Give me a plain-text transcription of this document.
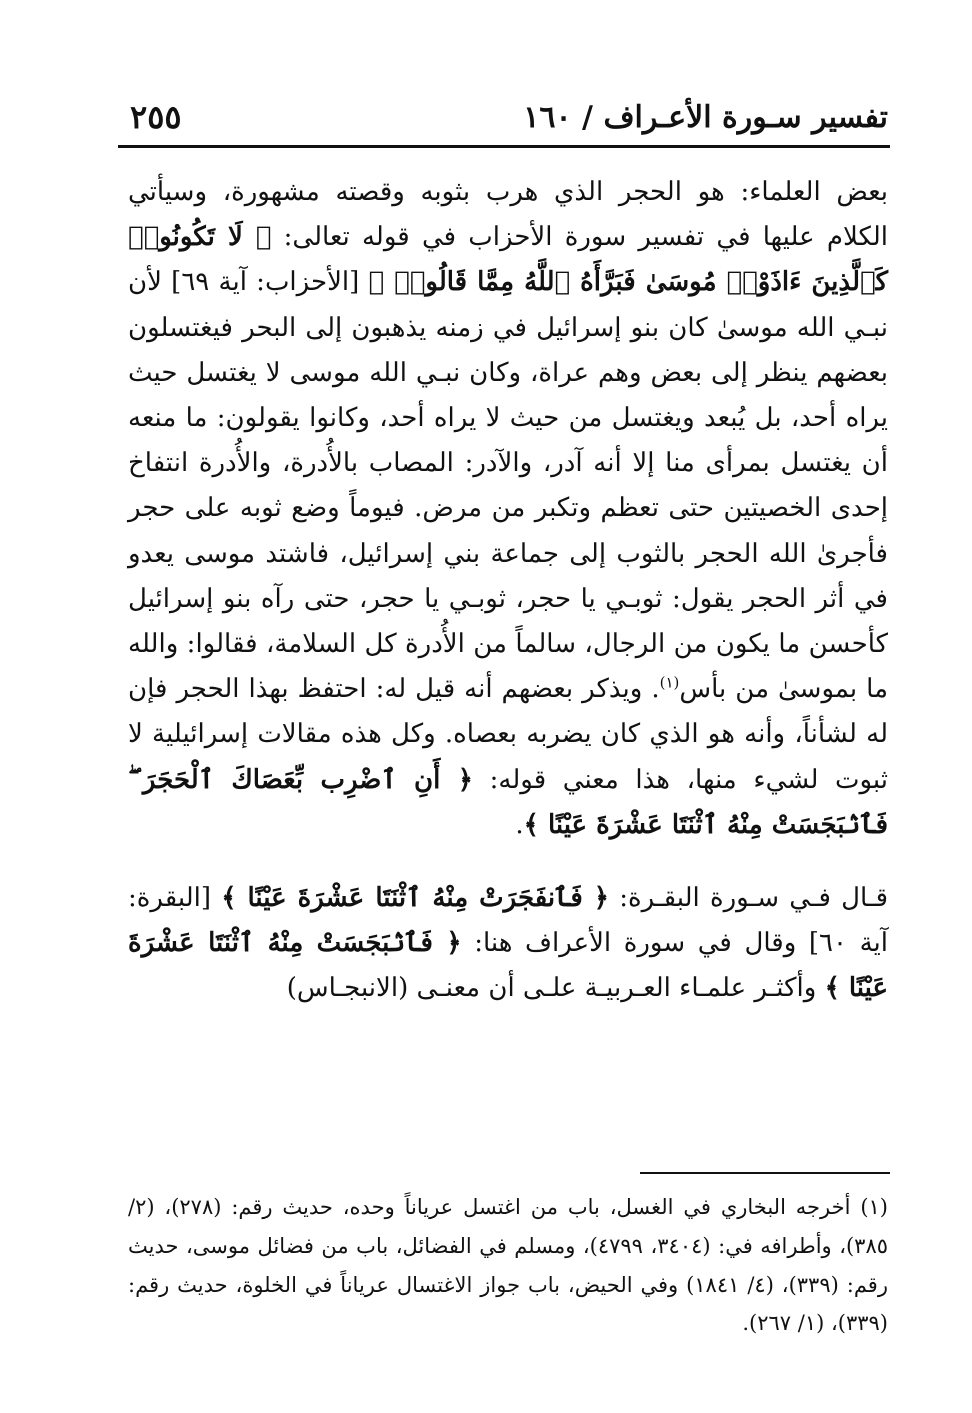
٢٥٥	تفسير سـورة الأعـراف / ١٦٠

بعض العلماء: هو الحجر الذي هرب بثوبه وقصته مشهورة، وسيأتي الكلام عليها في تفسير سورة الأحزاب في قوله تعالى: ﴿ لَا تَكُونُوا۟ كَٱلَّذِينَ ءَاذَوْا۟ مُوسَىٰ فَبَرَّأَهُ ٱللَّهُ مِمَّا قَالُوا۟ ﴾ [الأحزاب: آية ٦٩] لأن نبـي الله موسىٰ كان بنو إسرائيل في زمنه يذهبون إلى البحر فيغتسلون بعضهم ينظر إلى بعض وهم عراة، وكان نبـي الله موسى لا يغتسل حيث يراه أحد، بل يُبعد ويغتسل من حيث لا يراه أحد، وكانوا يقولون: ما منعه أن يغتسل بمرأى منا إلا أنه آدر، والآدر: المصاب بالأُدرة، والأُدرة انتفاخ إحدى الخصيتين حتى تعظم وتكبر من مرض. فيوماً وضع ثوبه على حجر فأجرىٰ الله الحجر بالثوب إلى جماعة بني إسرائيل، فاشتد موسى يعدو في أثر الحجر يقول: ثوبـي يا حجر، ثوبـي يا حجر، حتى رآه بنو إسرائيل كأحسن ما يكون من الرجال، سالماً من الأُدرة كل السلامة، فقالوا: والله ما بموسىٰ من بأس$^{(١)}$. ويذكر بعضهم أنه قيل له: احتفظ بهذا الحجر فإن له لشأناً، وأنه هو الذي كان يضربه بعصاه. وكل هذه مقالات إسرائيلية لا ثبوت لشيء منها، هذا معني قوله: ﴿ أَنِ ٱضْرِب بِّعَصَاكَ ٱلْحَجَرَ ۖ فَٱنۢبَجَسَتْ مِنْهُ ٱثْنَتَا عَشْرَةَ عَيْنًا ﴾.

قـال فـي سـورة البقـرة: ﴿ فَٱنفَجَرَتْ مِنْهُ ٱثْنَتَا عَشْرَةَ عَيْنًا ﴾ [البقرة: آية ٦٠] وقال في سورة الأعراف هنا: ﴿ فَٱنۢبَجَسَتْ مِنْهُ ٱثْنَتَا عَشْرَةَ عَيْنًا ﴾ وأكثـر علمـاء العـربيـة علـى أن معنـى (الانبجـاس)

(١) أخرجه البخاري في الغسل، باب من اغتسل عرياناً وحده، حديث رقم: (٢٧٨)، (٢/ ٣٨٥)، وأطرافه في: (٣٤٠٤، ٤٧٩٩)، ومسلم في الفضائل، باب من فضائل موسى، حديث رقم: (٣٣٩)، (٤/ ١٨٤١) وفي الحيض، باب جواز الاغتسال عرياناً في الخلوة، حديث رقم: (٣٣٩)، (١/ ٢٦٧).
